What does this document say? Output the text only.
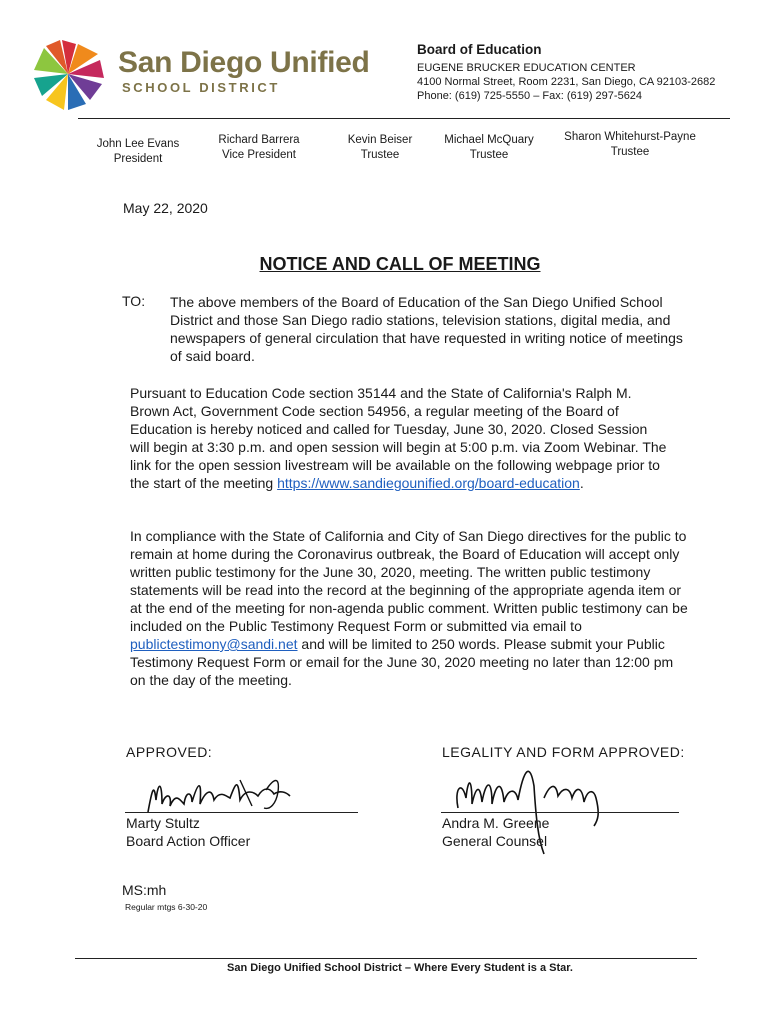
San Diego Unified
SCHOOL DISTRICT
Board of Education
EUGENE BRUCKER EDUCATION CENTER
4100 Normal Street, Room 2231, San Diego, CA 92103-2682
Phone: (619) 725-5550 – Fax: (619) 297-5624
John Lee Evans
President
Richard Barrera
Vice President
Kevin Beiser
Trustee
Michael McQuary
Trustee
Sharon Whitehurst-Payne
Trustee
May 22, 2020
NOTICE AND CALL OF MEETING
TO: The above members of the Board of Education of the San Diego Unified School District and those San Diego radio stations, television stations, digital media, and newspapers of general circulation that have requested in writing notice of meetings of said board.
Pursuant to Education Code section 35144 and the State of California's Ralph M. Brown Act, Government Code section 54956, a regular meeting of the Board of Education is hereby noticed and called for Tuesday, June 30, 2020. Closed Session will begin at 3:30 p.m. and open session will begin at 5:00 p.m. via Zoom Webinar. The link for the open session livestream will be available on the following webpage prior to the start of the meeting https://www.sandiegounified.org/board-education.
In compliance with the State of California and City of San Diego directives for the public to remain at home during the Coronavirus outbreak, the Board of Education will accept only written public testimony for the June 30, 2020, meeting. The written public testimony statements will be read into the record at the beginning of the appropriate agenda item or at the end of the meeting for non-agenda public comment. Written public testimony can be included on the Public Testimony Request Form or submitted via email to publictestimony@sandi.net and will be limited to 250 words. Please submit your Public Testimony Request Form or email for the June 30, 2020 meeting no later than 12:00 pm on the day of the meeting.
APPROVED:	LEGALITY AND FORM APPROVED:
Marty Stultz
Board Action Officer
Andra M. Greene
General Counsel
MS:mh
Regular mtgs 6-30-20
San Diego Unified School District – Where Every Student is a Star.
